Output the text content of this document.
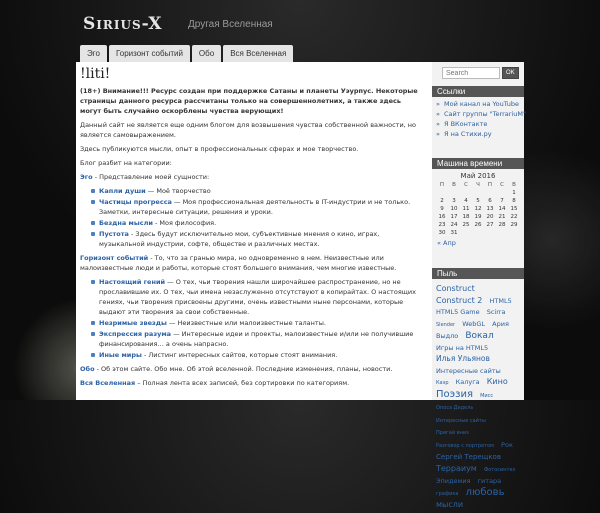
Sirius-X	Другая Вселенная
Эго	Горизонт событий	Обо	Вся Вселенная
!liti!

(18+) Внимание!!! Ресурс создан при поддержке Сатаны и планеты Уэурпус. Некоторые страницы данного ресурса рассчитаны только на совершеннолетних, а также здесь могут быть случайно оскорблены чувства верующих!

Данный сайт не является еще одним блогом для возвышения чувства собственной важности, но является самовыражением.

Здесь публикуются мысли, опыт в профессиональных сферах и мое творчество.

Блог разбит на категории:

Эго - Представление моей сущности:

Капли души — Моё творчество
Частицы прогресса — Моя профессиональная деятельность в IT-индустрии и не только. Заметки, интересные ситуации, решения и уроки.
Бездна мысли - Моя философия.
Пустота - Здесь будут исключительно мои, субъективные мнения о кино, играх, музыкальной индустрии, софте, обществе и различных местах.

Горизонт событий - То, что за гранью мира, но одновременно в нем. Неизвестные или малоизвестные люди и работы, которые стоят большего внимания, чем многие известные.

Настоящий гений — О тех, чьи творения нашли широчайшее распространение, но не прославившие их. О тех, чьи имена незаслуженно отсутствуют в копирайтах. О настоящих гениях, чьи творения присвоены другими, очень известными ныне персонами, которые выдают эти творения за свои собственные.
Незримые звезды — Неизвестные или малоизвестные таланты.
Экспрессия разума — Интересные идеи и проекты, малоизвестные и/или не получившие финансирования… а очень напрасно.
Иные миры - Листинг интересных сайтов, которые стоят внимания.

Обо - Об этом сайте. Обо мне. Об этой вселенной. Последние изменения, планы, новости.

Вся Вселенная – Полная лента всех записей, без сортировки по категориям.

Search
OK
Ссылки
» Мой канал на YouTube
» Сайт группы "TerrariuM"
» Я ВКонтакте
» Я на Стихи.ру
Машина времени
Май 2016
П	В	С	Ч	П	С	В
						1
2	3	4	5	6	7	8
9	10	11	12	13	14	15
16	17	18	19	20	21	22
23	24	25	26	27	28	29
30	31					
« Апр
Пыль
Construct Construct 2 HTML5 HTML5 Game Scirra Slender WebGL Ария Выдло Вокал Игры на HTML5 Илья Ульянов Интересные сайты Каэр Калуга Кино Поэзия Мисс Опоса Дедель Интересные сайты Пригай вниз Разговор с портретом Рок Сергей Терещков Терраиум Фотосинтез Эпидемия гитара графика любовь мысли
